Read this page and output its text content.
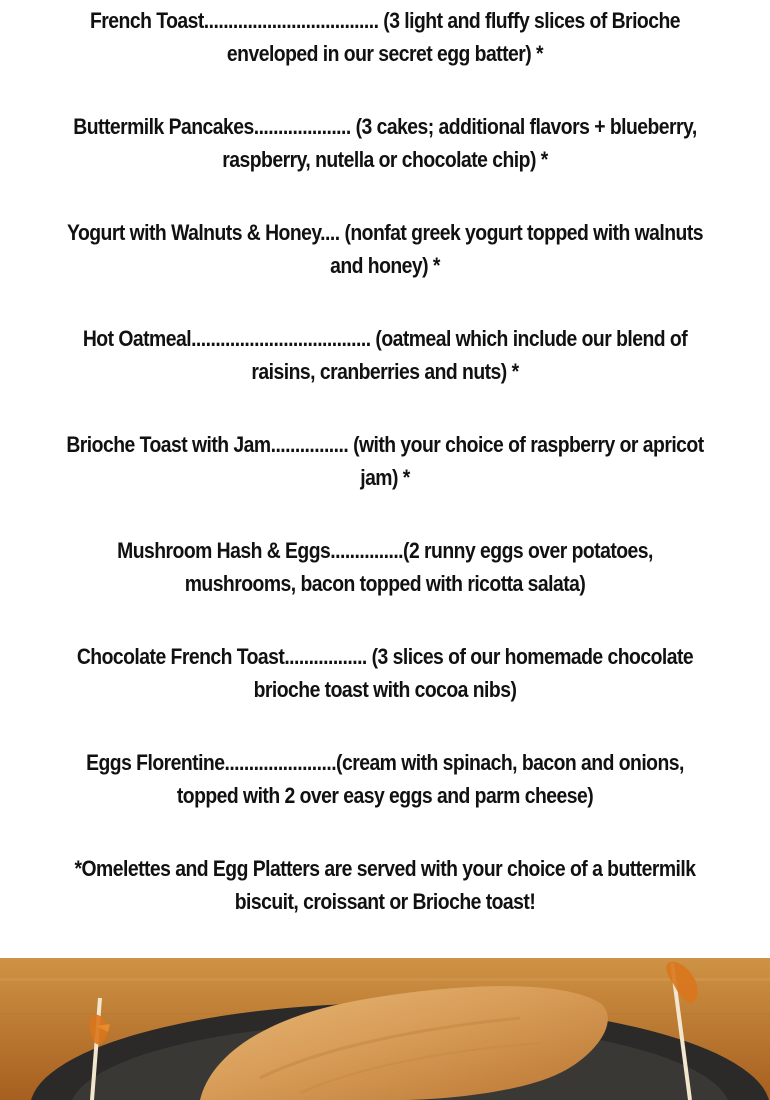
French Toast.................................... (3 light and fluffy slices of Brioche enveloped in our secret egg batter) *
Buttermilk Pancakes.................... (3 cakes; additional flavors + blueberry, raspberry, nutella or chocolate chip) *
Yogurt with Walnuts & Honey.... (nonfat greek yogurt topped with walnuts and honey) *
Hot Oatmeal..................................... (oatmeal which include our blend of raisins, cranberries and nuts) *
Brioche Toast with Jam................ (with your choice of raspberry or apricot jam) *
Mushroom Hash & Eggs...............(2 runny eggs over potatoes, mushrooms, bacon topped with ricotta salata)
Chocolate French Toast................. (3 slices of our homemade chocolate brioche toast with cocoa nibs)
Eggs Florentine.......................(cream with spinach, bacon and onions, topped with 2 over easy eggs and parm cheese)
*Omelettes and Egg Platters are served with your choice of a buttermilk biscuit, croissant or Brioche toast!
